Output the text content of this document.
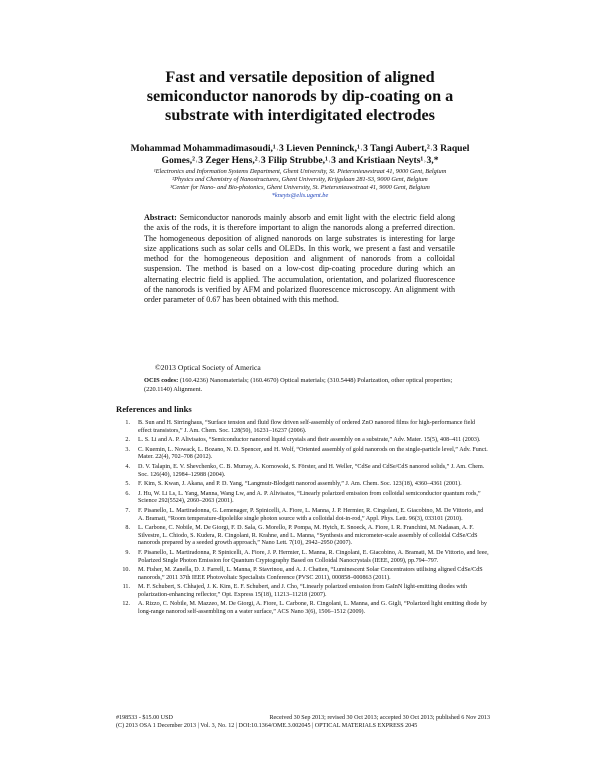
Fast and versatile deposition of aligned
semiconductor nanorods by dip-coating on a
substrate with interdigitated electrodes
Mohammad Mohammadimasoudi,¹˒3 Lieven Penninck,¹˒3 Tangi Aubert,²˒3 Raquel
Gomes,²˒3 Zeger Hens,²˒3 Filip Strubbe,¹˒3 and Kristiaan Neyts¹˒3,*
¹Electronics and Information Systems Department, Ghent University, St. Pietersnieuwstraat 41, 9000 Gent, Belgium
²Physics and Chemistry of Nanostructures, Ghent University, Krijgslaan 281-S3, 9000 Gent, Belgium
³Center for Nano- and Bio-photonics, Ghent University, St. Pietersnieuwstraat 41, 9000 Gent, Belgium
*kneyts@elis.ugent.be

Abstract: Semiconductor nanorods mainly absorb and emit light with the electric field along the axis of the rods, it is therefore important to align the nanorods along a preferred direction. The homogeneous deposition of aligned nanorods on large substrates is interesting for large size applications such as solar cells and OLEDs. In this work, we present a fast and versatile method for the homogeneous deposition and alignment of nanorods from a colloidal suspension. The method is based on a low-cost dip-coating procedure during which an alternating electric field is applied. The accumulation, orientation, and polarized fluorescence of the nanorods is verified by AFM and polarized fluorescence microscopy. An alignment with order parameter of 0.67 has been obtained with this method.

©2013 Optical Society of America
OCIS codes: (160.4236) Nanomaterials; (160.4670) Optical materials; (310.5448) Polarization, other optical properties; (220.1140) Alignment.
References and links
1. B. Sun and H. Sirringhaus, “Surface tension and fluid flow driven self-assembly of ordered ZnO nanorod films for high-performance field effect transistors,” J. Am. Chem. Soc. 128(50), 16231–16237 (2006).
2. L. S. Li and A. P. Alivisatos, “Semiconductor nanorod liquid crystals and their assembly on a substrate,” Adv. Mater. 15(5), 408–411 (2003).
3. C. Kuemin, L. Nowack, L. Bozano, N. D. Spencer, and H. Wolf, “Oriented assembly of gold nanorods on the single-particle level,” Adv. Funct. Mater. 22(4), 702–708 (2012).
4. D. V. Talapin, E. V. Shevchenko, C. B. Murray, A. Kornowski, S. Förster, and H. Weller, “CdSe and CdSe/CdS nanorod solids,” J. Am. Chem. Soc. 126(40), 12984–12988 (2004).
5. F. Kim, S. Kwan, J. Akana, and P. D. Yang, “Langmuir-Blodgett nanorod assembly,” J. Am. Chem. Soc. 123(18), 4360–4361 (2001).
6. J. Hu, W. Li Ls, L. Yang, Manna, Wang Lw, and A. P. Alivisatos, “Linearly polarized emission from colloidal semiconductor quantum rods,” Science 292(5524), 2060–2063 (2001).
7. F. Pisanello, L. Martiradonna, G. Lemenager, P. Spinicelli, A. Fiore, L. Manna, J. P. Hermier, R. Cingolani, E. Giacobino, M. De Vittorio, and A. Bramati, “Room temperature-dipolelike single photon source with a colloidal dot-in-rod,” Appl. Phys. Lett. 96(3), 033101 (2010).
8. L. Carbone, C. Nobile, M. De Giorgi, F. D. Sala, G. Morello, P. Pompa, M. Hytch, E. Snoeck, A. Fiore, I. R. Franchini, M. Nadasan, A. F. Silvestre, L. Chiodo, S. Kudera, R. Cingolani, R. Krahne, and L. Manna, “Synthesis and micrometer-scale assembly of colloidal CdSe/CdS nanorods prepared by a seeded growth approach,” Nano Lett. 7(10), 2942–2950 (2007).
9. F. Pisanello, L. Martiradonna, P. Spinicelli, A. Fiore, J. P. Hermier, L. Manna, R. Cingolani, E. Giacobino, A. Bramati, M. De Vittorio, and Ieee, Polarized Single Photon Emission for Quantum Cryptography Based on Colloidal Nanocrystals (IEEE, 2009), pp.794–797.
10. M. Fisher, M. Zanella, D. J. Farrell, L. Manna, P. Stavrinou, and A. J. Chatten, “Luminescent Solar Concentrators utilising aligned CdSe/CdS nanorods,” 2011 37th IEEE Photovoltaic Specialists Conference (PVSC 2011), 000858–000863 (2011).
11. M. F. Schubert, S. Chhajed, J. K. Kim, E. F. Schubert, and J. Cho, “Linearly polarized emission from GaInN light-emitting diodes with polarization-enhancing reflector,” Opt. Express 15(18), 11213–11218 (2007).
12. A. Rizzo, C. Nobile, M. Mazzeo, M. De Giorgi, A. Fiore, L. Carbone, R. Cingolani, L. Manna, and G. Gigli, “Polarized light emitting diode by long-range nanorod self-assembling on a water surface,” ACS Nano 3(6), 1506–1512 (2009).
#198533 - $15.00 USD	Received 30 Sep 2013; revised 30 Oct 2013; accepted 30 Oct 2013; published 6 Nov 2013
(C) 2013 OSA 1 December 2013 | Vol. 3, No. 12 | DOI:10.1364/OME.3.002045 | OPTICAL MATERIALS EXPRESS 2045
